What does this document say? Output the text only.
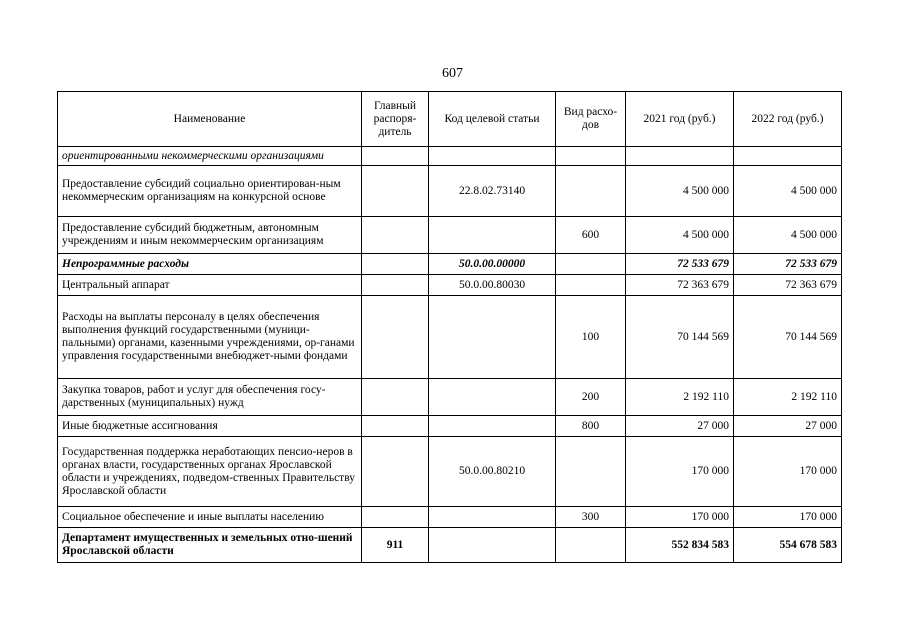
607
Наименование	Главный распоря-дитель	Код целевой статьи	Вид расхо-дов	2021 год (руб.)	2022 год (руб.)
ориентированными некоммерческими организациями					
Предоставление субсидий социально ориентирован-ным некоммерческим организациям на конкурсной основе		22.8.02.73140		4 500 000	4 500 000
Предоставление субсидий бюджетным, автономным учреждениям и иным некоммерческим организациям			600	4 500 000	4 500 000
Непрограммные расходы		50.0.00.00000		72 533 679	72 533 679
Центральный аппарат		50.0.00.80030		72 363 679	72 363 679
Расходы на выплаты персоналу в целях обеспечения выполнения функций государственными (муници-пальными) органами, казенными учреждениями, ор-ганами управления государственными внебюджет-ными фондами			100	70 144 569	70 144 569
Закупка товаров, работ и услуг для обеспечения госу-дарственных (муниципальных) нужд			200	2 192 110	2 192 110
Иные бюджетные ассигнования			800	27 000	27 000
Государственная поддержка неработающих пенсио-неров в органах власти, государственных органах Ярославской области и учреждениях, подведом-ственных Правительству Ярославской области		50.0.00.80210		170 000	170 000
Социальное обеспечение и иные выплаты населению			300	170 000	170 000
Департамент имущественных и земельных отно-шений Ярославской области	911			552 834 583	554 678 583
